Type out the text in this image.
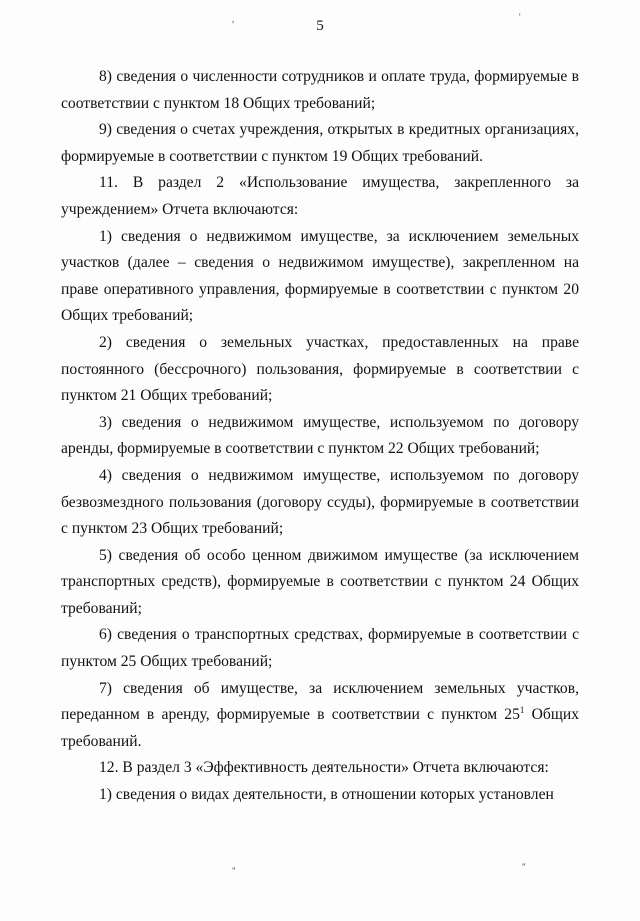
,	'
5

8) сведения о численности сотрудников и оплате труда, формируемые в соответствии с пунктом 18 Общих требований;

9) сведения о счетах учреждения, открытых в кредитных организациях, формируемые в соответствии с пунктом 19 Общих требований.

11. В раздел 2 «Использование имущества, закрепленного за учреждением» Отчета включаются:

1) сведения о недвижимом имуществе, за исключением земельных участков (далее – сведения о недвижимом имуществе), закрепленном на праве оперативного управления, формируемые в соответствии с пунктом 20 Общих требований;

2) сведения о земельных участках, предоставленных на праве постоянного (бессрочного) пользования, формируемые в соответствии с пунктом 21 Общих требований;

3) сведения о недвижимом имуществе, используемом по договору аренды, формируемые в соответствии с пунктом 22 Общих требований;

4) сведения о недвижимом имуществе, используемом по договору безвозмездного пользования (договору ссуды), формируемые в соответствии с пунктом 23 Общих требований;

5) сведения об особо ценном движимом имуществе (за исключением транспортных средств), формируемые в соответствии с пунктом 24 Общих требований;

6) сведения о транспортных средствах, формируемые в соответствии с пунктом 25 Общих требований;

7) сведения об имуществе, за исключением земельных участков, переданном в аренду, формируемые в соответствии с пунктом $25^1$ Общих требований.

12. В раздел 3 «Эффективность деятельности» Отчета включаются:

1) сведения о видах деятельности, в отношении которых установлен

"	"
